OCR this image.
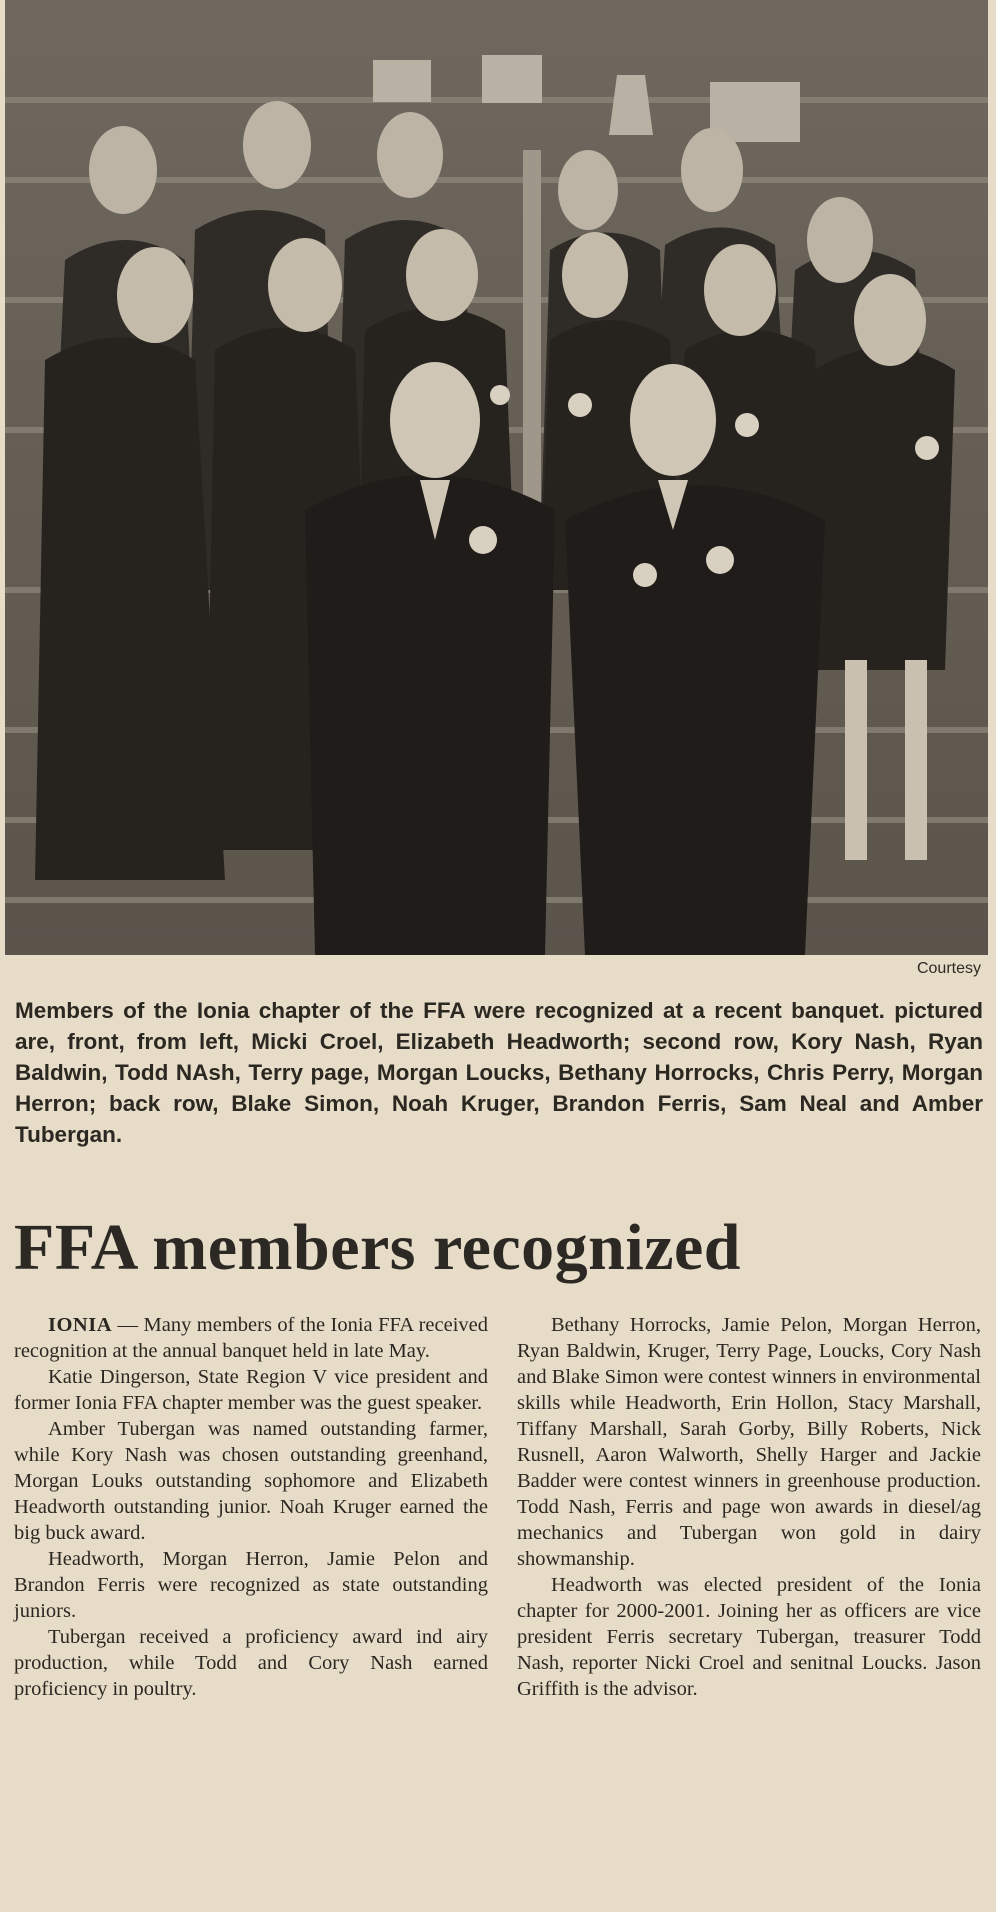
Courtesy

Members of the Ionia chapter of the FFA were recognized at a recent banquet. pictured are, front, from left, Micki Croel, Elizabeth Headworth; second row, Kory Nash, Ryan Baldwin, Todd NAsh, Terry page, Morgan Loucks, Bethany Horrocks, Chris Perry, Morgan Herron; back row, Blake Simon, Noah Kruger, Brandon Ferris, Sam Neal and Amber Tubergan.

FFA members recognized

IONIA — Many members of the Ionia FFA received recognition at the annual banquet held in late May.

Katie Dingerson, State Region V vice president and former Ionia FFA chapter member was the guest speaker.

Amber Tubergan was named outstanding farmer, while Kory Nash was chosen outstanding greenhand, Morgan Louks outstanding sophomore and Elizabeth Headworth outstanding junior. Noah Kruger earned the big buck award.

Headworth, Morgan Herron, Jamie Pelon and Brandon Ferris were recognized as state outstanding juniors.

Tubergan received a proficiency award ind airy production, while Todd and Cory Nash earned proficiency in poultry.

Bethany Horrocks, Jamie Pelon, Morgan Herron, Ryan Baldwin, Kruger, Terry Page, Loucks, Cory Nash and Blake Simon were contest winners in environmental skills while Headworth, Erin Hollon, Stacy Marshall, Tiffany Marshall, Sarah Gorby, Billy Roberts, Nick Rusnell, Aaron Walworth, Shelly Harger and Jackie Badder were contest winners in greenhouse production. Todd Nash, Ferris and page won awards in diesel/ag mechanics and Tubergan won gold in dairy showmanship.

Headworth was elected president of the Ionia chapter for 2000-2001. Joining her as officers are vice president Ferris secretary Tubergan, treasurer Todd Nash, reporter Nicki Croel and senitnal Loucks. Jason Griffith is the advisor.
